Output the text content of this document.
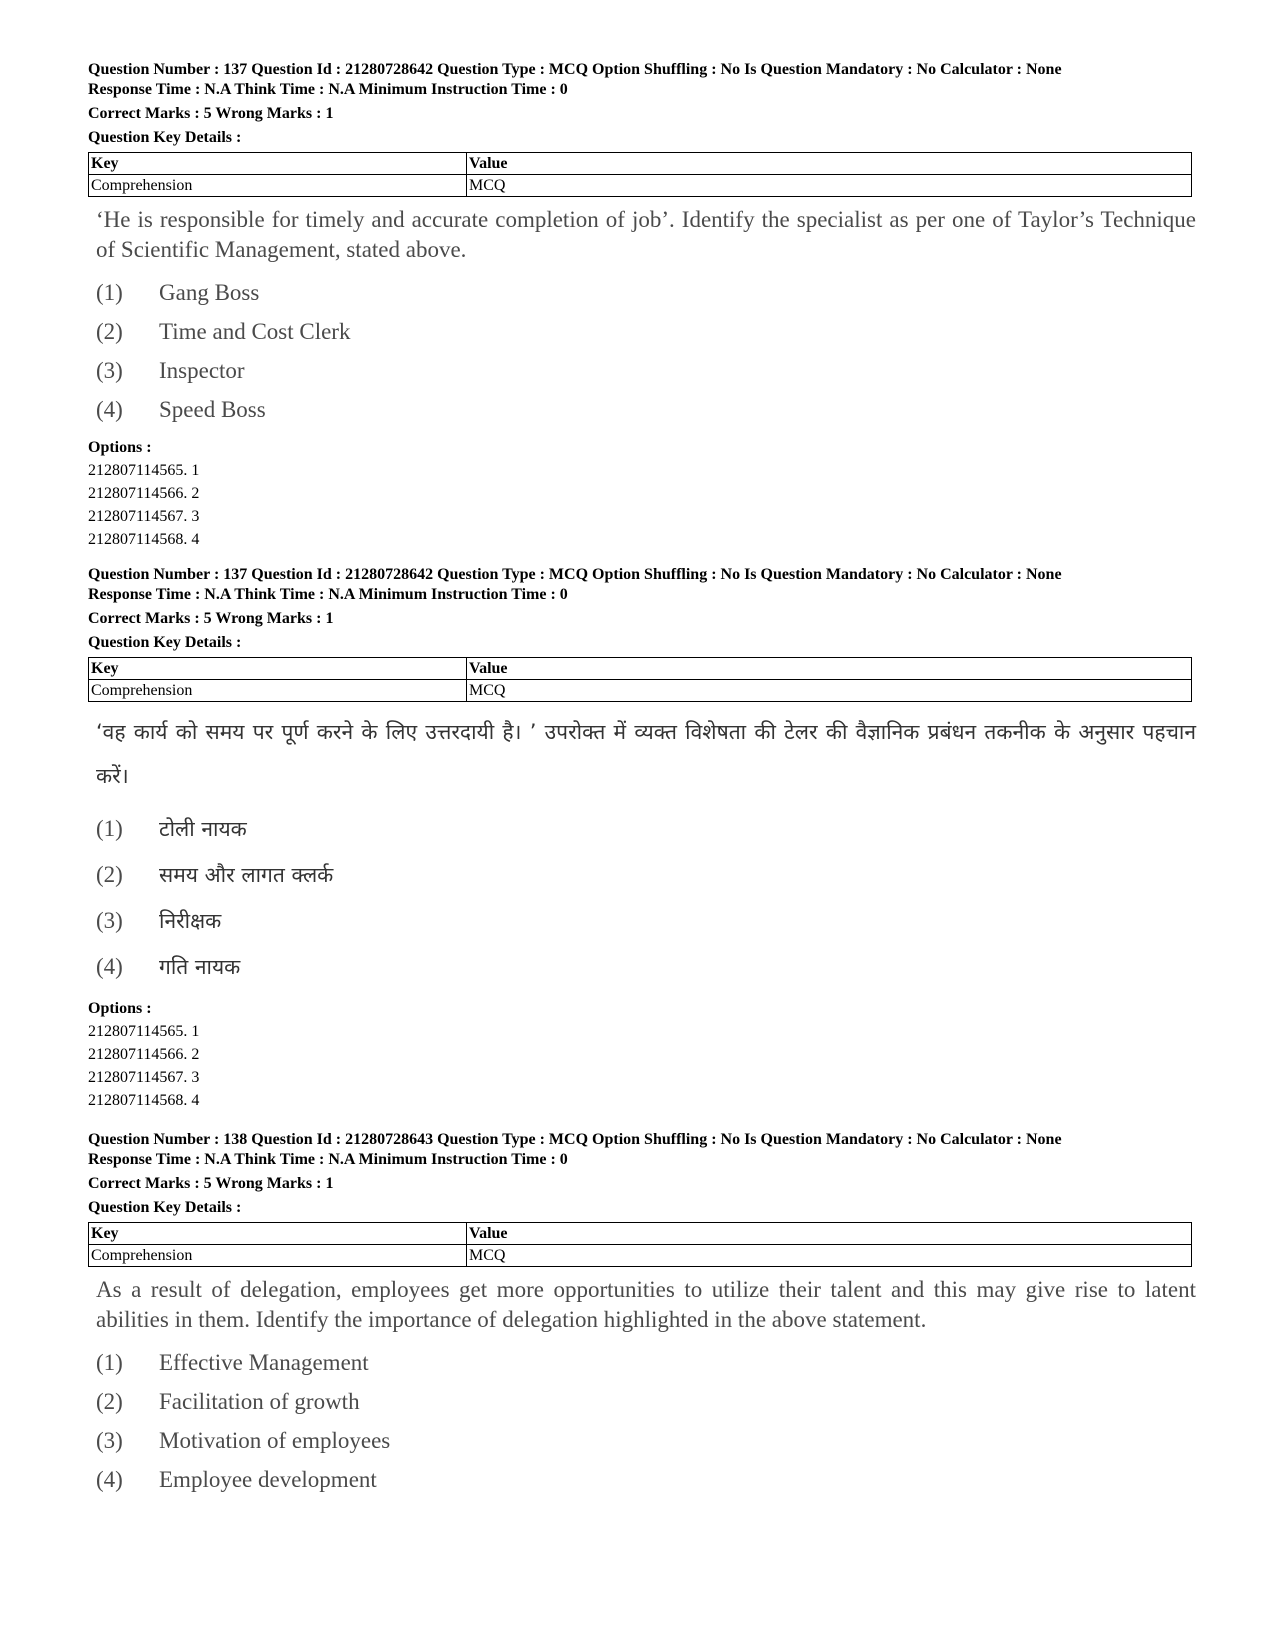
Question Number : 137 Question Id : 21280728642 Question Type : MCQ Option Shuffling : No Is Question Mandatory : No Calculator : None

Response Time : N.A Think Time : N.A Minimum Instruction Time : 0

Correct Marks : 5 Wrong Marks : 1

Question Key Details :

Key	Value
Comprehension	MCQ
‘He is responsible for timely and accurate completion of job’. Identify the specialist as per one of Taylor’s Technique of Scientific Management, stated above.
(1)	Gang Boss
(2)	Time and Cost Clerk
(3)	Inspector
(4)	Speed Boss
Options :
212807114565. 1
212807114566. 2
212807114567. 3
212807114568. 4

Question Number : 137 Question Id : 21280728642 Question Type : MCQ Option Shuffling : No Is Question Mandatory : No Calculator : None

Response Time : N.A Think Time : N.A Minimum Instruction Time : 0

Correct Marks : 5 Wrong Marks : 1

Question Key Details :

Key	Value
Comprehension	MCQ
‘वह कार्य को समय पर पूर्ण करने के लिए उत्तरदायी है। ’ उपरोक्त में व्यक्त विशेषता की टेलर की वैज्ञानिक प्रबंधन तकनीक के अनुसार पहचान करें।
(1)	टोली नायक
(2)	समय और लागत क्लर्क
(3)	निरीक्षक
(4)	गति नायक
Options :
212807114565. 1
212807114566. 2
212807114567. 3
212807114568. 4

Question Number : 138 Question Id : 21280728643 Question Type : MCQ Option Shuffling : No Is Question Mandatory : No Calculator : None

Response Time : N.A Think Time : N.A Minimum Instruction Time : 0

Correct Marks : 5 Wrong Marks : 1

Question Key Details :

Key	Value
Comprehension	MCQ
As a result of delegation, employees get more opportunities to utilize their talent and this may give rise to latent abilities in them. Identify the importance of delegation highlighted in the above statement.
(1)	Effective Management
(2)	Facilitation of growth
(3)	Motivation of employees
(4)	Employee development
